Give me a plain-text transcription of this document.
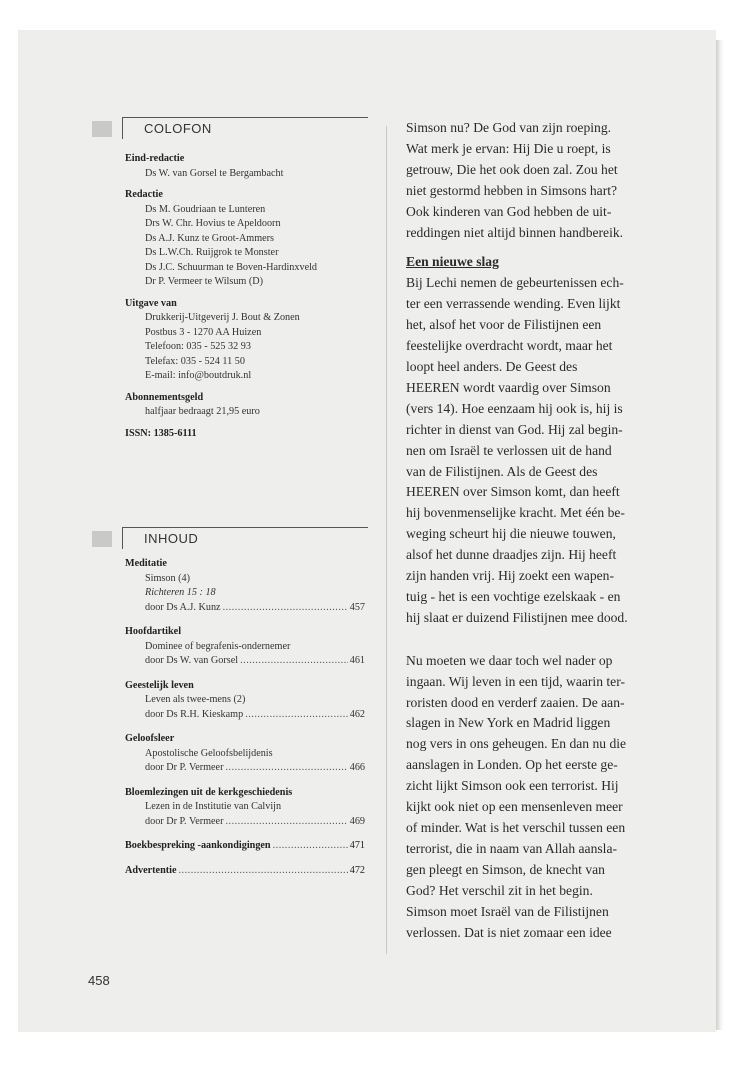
COLOFON
Eind-redactie
Ds W. van Gorsel te Bergambacht
Redactie
Ds M. Goudriaan te Lunteren
Drs W. Chr. Hovius te Apeldoorn
Ds A.J. Kunz te Groot-Ammers
Ds L.W.Ch. Ruijgrok te Monster
Ds J.C. Schuurman te Boven-Hardinxveld
Dr P. Vermeer te Wilsum (D)
Uitgave van
Drukkerij-Uitgeverij J. Bout & Zonen
Postbus 3 - 1270 AA Huizen
Telefoon: 035 - 525 32 93
Telefax: 035 - 524 11 50
E-mail: info@boutdruk.nl
Abonnementsgeld
halfjaar bedraagt 21,95 euro
ISSN: 1385-6111
INHOUD
Meditatie
Simson (4)
Richteren 15 : 18
door Ds A.J. Kunz .....	457
Hoofdartikel
Dominee of begrafenis-ondernemer
door Ds W. van Gorsel .....	461
Geestelijk leven
Leven als twee-mens (2)
door Ds R.H. Kieskamp .....	462
Geloofsleer
Apostolische Geloofsbelijdenis
door Dr P. Vermeer .....	466
Bloemlezingen uit de kerkgeschiedenis
Lezen in de Institutie van Calvijn
door Dr P. Vermeer .....	469
Boekbespreking -aankondigingen .....	471
Advertentie .....	472

Simson nu? De God van zijn roeping.

Wat merk je ervan: Hij Die u roept, is

getrouw, Die het ook doen zal. Zou het

niet gestormd hebben in Simsons hart?

Ook kinderen van God hebben de uit-

reddingen niet altijd binnen handbereik.

Een nieuwe slag

Bij Lechi nemen de gebeurtenissen ech-

ter een verrassende wending. Even lijkt

het, alsof het voor de Filistijnen een

feestelijke overdracht wordt, maar het

loopt heel anders. De Geest des

HEEREN wordt vaardig over Simson

(vers 14). Hoe eenzaam hij ook is, hij is

richter in dienst van God. Hij zal begin-

nen om Israël te verlossen uit de hand

van de Filistijnen. Als de Geest des

HEEREN over Simson komt, dan heeft

hij bovenmenselijke kracht. Met één be-

weging scheurt hij die nieuwe touwen,

alsof het dunne draadjes zijn. Hij heeft

zijn handen vrij. Hij zoekt een wapen-

tuig - het is een vochtige ezelskaak - en

hij slaat er duizend Filistijnen mee dood.

Nu moeten we daar toch wel nader op

ingaan. Wij leven in een tijd, waarin ter-

roristen dood en verderf zaaien. De aan-

slagen in New York en Madrid liggen

nog vers in ons geheugen. En dan nu die

aanslagen in Londen. Op het eerste ge-

zicht lijkt Simson ook een terrorist. Hij

kijkt ook niet op een mensenleven meer

of minder. Wat is het verschil tussen een

terrorist, die in naam van Allah aansla-

gen pleegt en Simson, de knecht van

God? Het verschil zit in het begin.

Simson moet Israël van de Filistijnen

verlossen. Dat is niet zomaar een idee

458
